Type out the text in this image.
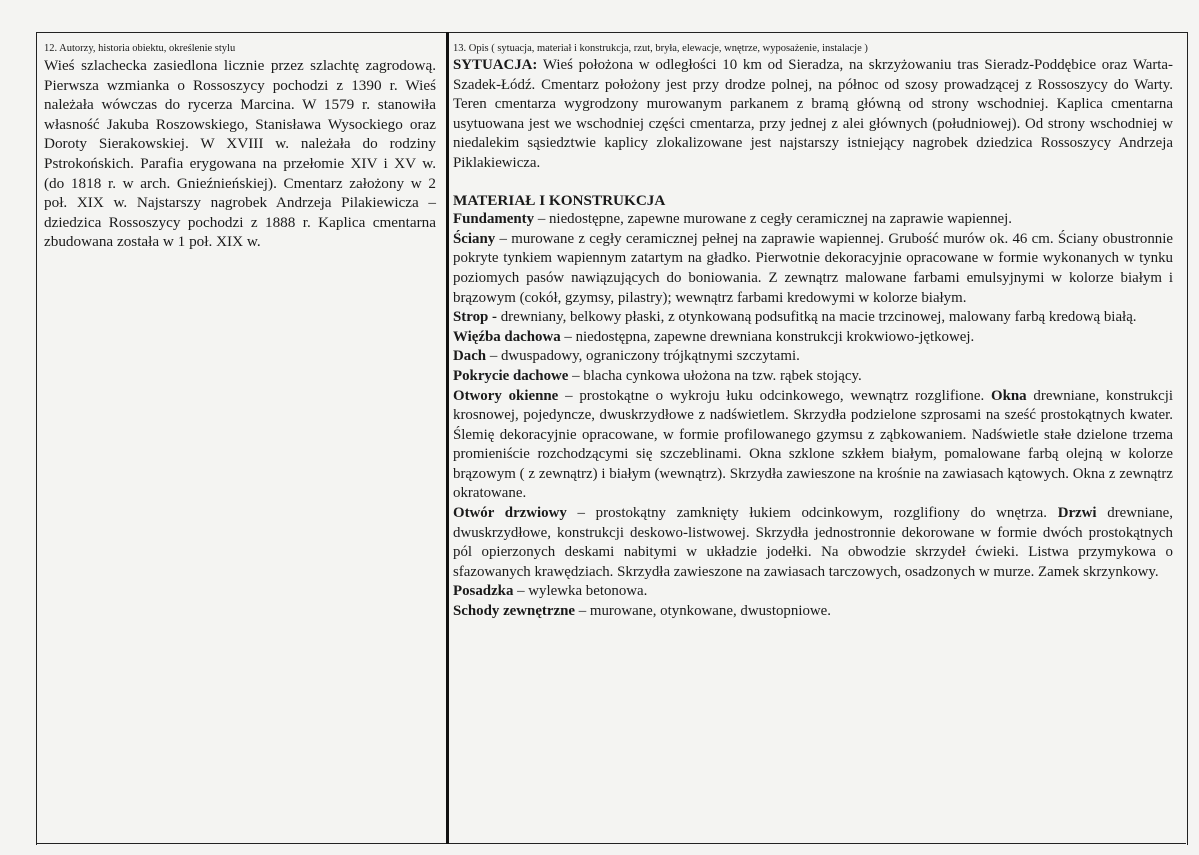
12. Autorzy, historia obiektu, określenie stylu

Wieś szlachecka zasiedlona licznie przez szlachtę zagrodową. Pierwsza wzmianka o Rossoszycy pochodzi z 1390 r. Wieś należała wówczas do rycerza Marcina. W 1579 r. stanowiła własność Jakuba Roszowskiego, Stanisława Wysockiego oraz Doroty Sierakowskiej. W XVIII w. należała do rodziny Pstrokońskich. Parafia erygowana na przełomie XIV i XV w. (do 1818 r. w arch. Gnieźnieńskiej). Cmentarz założony w 2 poł. XIX w. Najstarszy nagrobek Andrzeja Pilakiewicza – dziedzica Rossoszycy pochodzi z 1888 r. Kaplica cmentarna zbudowana została w 1 poł. XIX w.

13. Opis ( sytuacja, materiał i konstrukcja, rzut, bryła, elewacje, wnętrze, wyposażenie, instalacje )

SYTUACJA: Wieś położona w odległości 10 km od Sieradza, na skrzyżowaniu tras Sieradz-Poddębice oraz Warta-Szadek-Łódź. Cmentarz położony jest przy drodze polnej, na północ od szosy prowadzącej z Rossoszycy do Warty. Teren cmentarza wygrodzony murowanym parkanem z bramą główną od strony wschodniej. Kaplica cmentarna usytuowana jest we wschodniej części cmentarza, przy jednej z alei głównych (południowej). Od strony wschodniej w niedalekim sąsiedztwie kaplicy zlokalizowane jest najstarszy istniejący nagrobek dziedzica Rossoszycy Andrzeja Piklakiewicza.

MATERIAŁ I KONSTRUKCJA

Fundamenty – niedostępne, zapewne murowane z cegły ceramicznej na zaprawie wapiennej.

Ściany – murowane z cegły ceramicznej pełnej na zaprawie wapiennej. Grubość murów ok. 46 cm. Ściany obustronnie pokryte tynkiem wapiennym zatartym na gładko. Pierwotnie dekoracyjnie opracowane w formie wykonanych w tynku poziomych pasów nawiązujących do boniowania. Z zewnątrz malowane farbami emulsyjnymi w kolorze białym i brązowym (cokół, gzymsy, pilastry); wewnątrz farbami kredowymi w kolorze białym.

Strop - drewniany, belkowy płaski, z otynkowaną podsufitką na macie trzcinowej, malowany farbą kredową białą.

Więźba dachowa – niedostępna, zapewne drewniana konstrukcji krokwiowo-jętkowej.

Dach – dwuspadowy, ograniczony trójkątnymi szczytami.

Pokrycie dachowe – blacha cynkowa ułożona na tzw. rąbek stojący.

Otwory okienne – prostokątne o wykroju łuku odcinkowego, wewnątrz rozglifione. Okna drewniane, konstrukcji krosnowej, pojedyncze, dwuskrzydłowe z nadświetlem. Skrzydła podzielone szprosami na sześć prostokątnych kwater. Ślemię dekoracyjnie opracowane, w formie profilowanego gzymsu z ząbkowaniem. Nadświetle stałe dzielone trzema promieniście rozchodzącymi się szczeblinami. Okna szklone szkłem białym, pomalowane farbą olejną w kolorze brązowym ( z zewnątrz) i białym (wewnątrz). Skrzydła zawieszone na krośnie na zawiasach kątowych. Okna z zewnątrz okratowane.

Otwór drzwiowy – prostokątny zamknięty łukiem odcinkowym, rozglifiony do wnętrza. Drzwi drewniane, dwuskrzydłowe, konstrukcji deskowo-listwowej. Skrzydła jednostronnie dekorowane w formie dwóch prostokątnych pól opierzonych deskami nabitymi w układzie jodełki. Na obwodzie skrzydeł ćwieki. Listwa przymykowa o sfazowanych krawędziach. Skrzydła zawieszone na zawiasach tarczowych, osadzonych w murze. Zamek skrzynkowy.

Posadzka – wylewka betonowa.

Schody zewnętrzne – murowane, otynkowane, dwustopniowe.
